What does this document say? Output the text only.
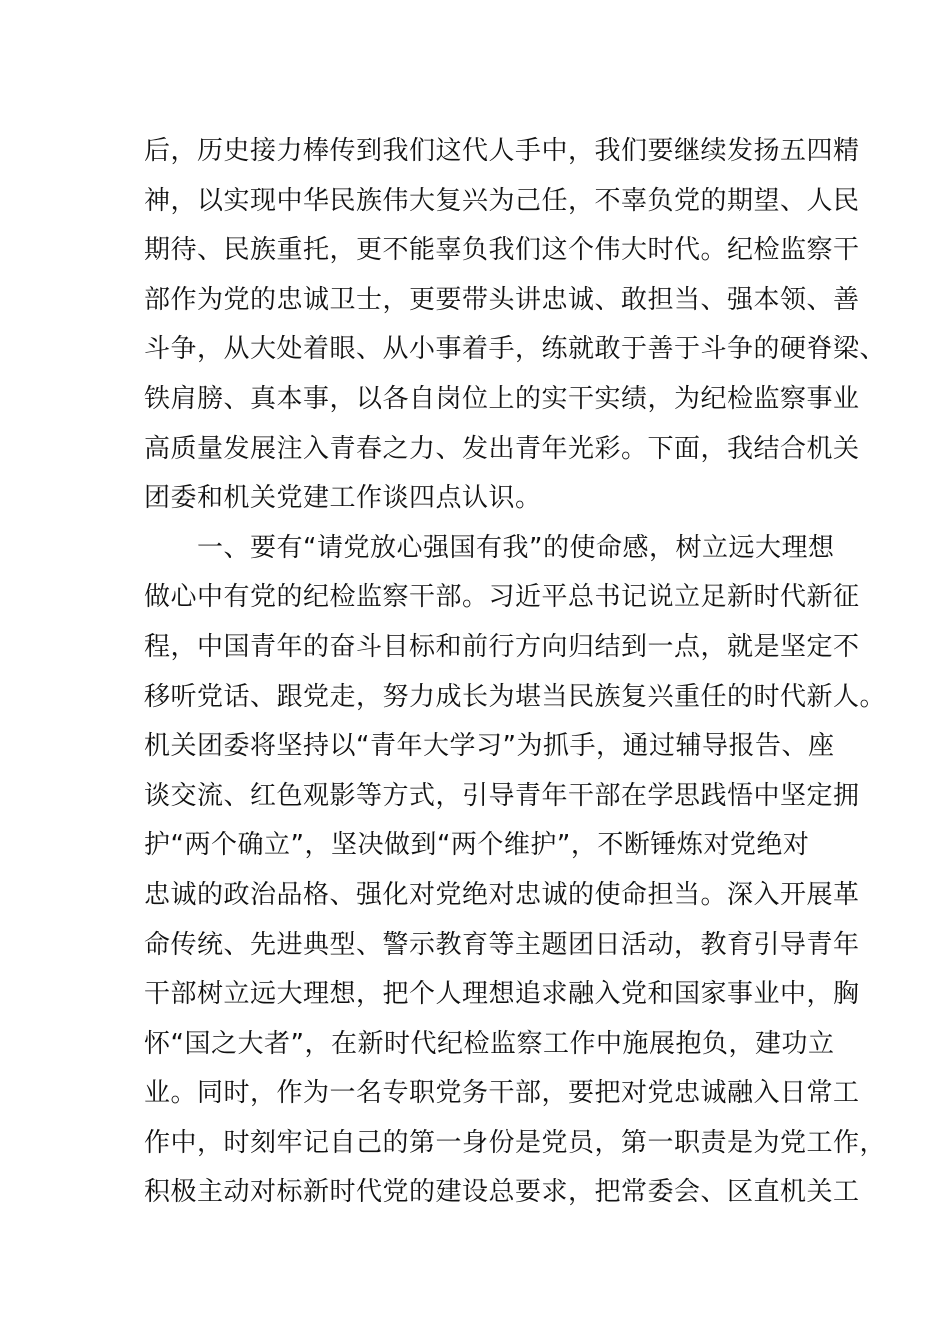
后，历史接力棒传到我们这代人手中，我们要继续发扬五四精
神，以实现中华民族伟大复兴为己任，不辜负党的期望、人民
期待、民族重托，更不能辜负我们这个伟大时代。纪检监察干
部作为党的忠诚卫士，更要带头讲忠诚、敢担当、强本领、善
斗争，从大处着眼、从小事着手，练就敢于善于斗争的硬脊梁、
铁肩膀、真本事，以各自岗位上的实干实绩，为纪检监察事业
高质量发展注入青春之力、发出青年光彩。下面，我结合机关
团委和机关党建工作谈四点认识。
　　一、要有“请党放心强国有我”的使命感，树立远大理想
做心中有党的纪检监察干部。习近平总书记说立足新时代新征
程，中国青年的奋斗目标和前行方向归结到一点，就是坚定不
移听党话、跟党走，努力成长为堪当民族复兴重任的时代新人。
机关团委将坚持以“青年大学习”为抓手，通过辅导报告、座
谈交流、红色观影等方式，引导青年干部在学思践悟中坚定拥
护“两个确立”，坚决做到“两个维护”，不断锤炼对党绝对
忠诚的政治品格、强化对党绝对忠诚的使命担当。深入开展革
命传统、先进典型、警示教育等主题团日活动，教育引导青年
干部树立远大理想，把个人理想追求融入党和国家事业中，胸
怀“国之大者”，在新时代纪检监察工作中施展抱负，建功立
业。同时，作为一名专职党务干部，要把对党忠诚融入日常工
作中，时刻牢记自己的第一身份是党员，第一职责是为党工作，
积极主动对标新时代党的建设总要求，把常委会、区直机关工
